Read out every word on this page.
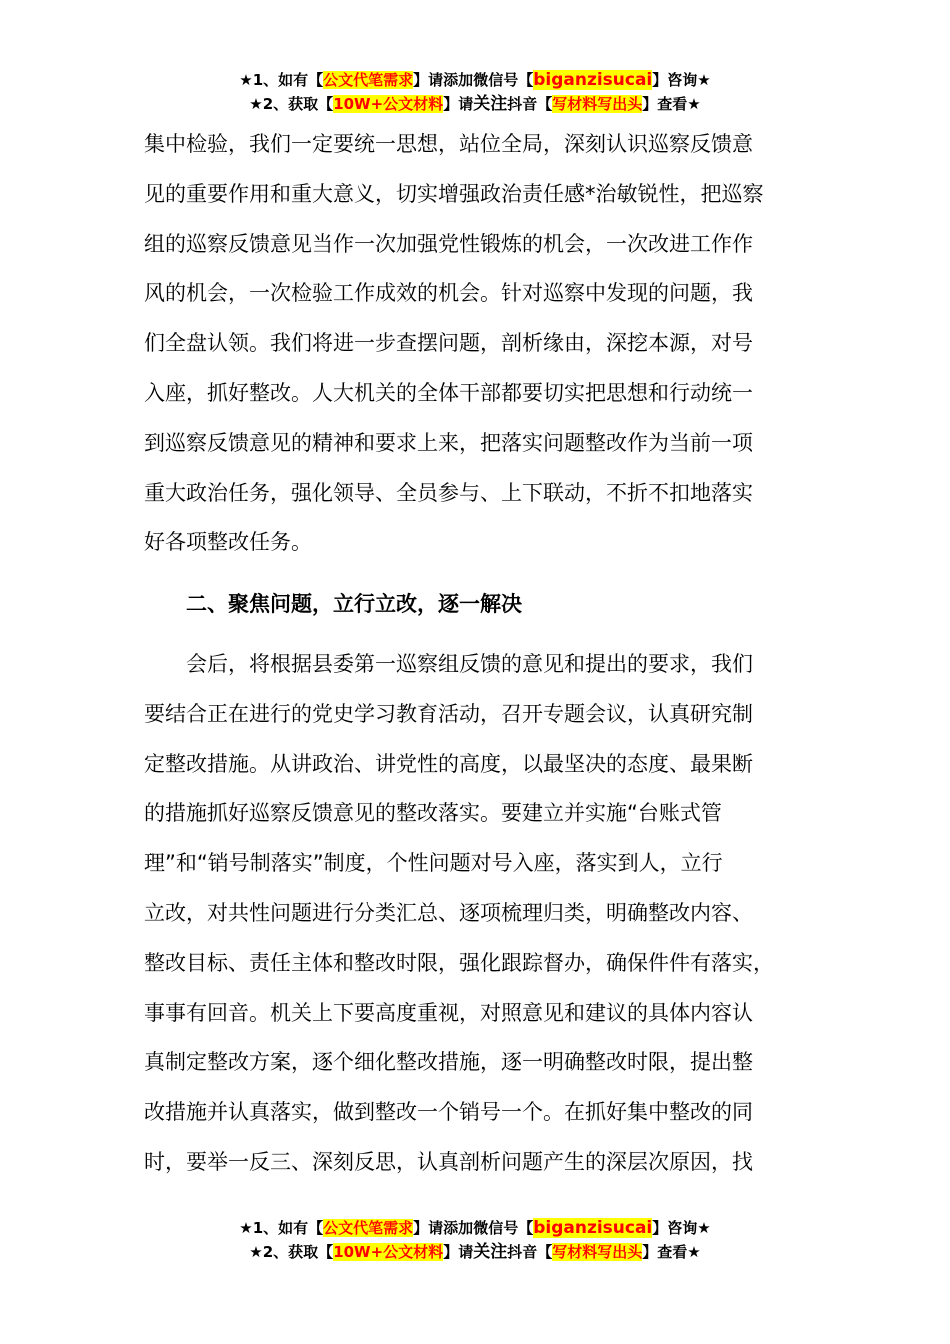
★1、如有【公文代笔需求】请添加微信号【biganzisucai】咨询★
★2、获取【10W+公文材料】请关注抖音【写材料写出头】查看★
集中检验，我们一定要统一思想，站位全局，深刻认识巡察反馈意
见的重要作用和重大意义，切实增强政治责任感*治敏锐性，把巡察
组的巡察反馈意见当作一次加强党性锻炼的机会，一次改进工作作
风的机会，一次检验工作成效的机会。针对巡察中发现的问题，我
们全盘认领。我们将进一步查摆问题，剖析缘由，深挖本源，对号
入座，抓好整改。人大机关的全体干部都要切实把思想和行动统一
到巡察反馈意见的精神和要求上来，把落实问题整改作为当前一项
重大政治任务，强化领导、全员参与、上下联动，不折不扣地落实
好各项整改任务。
二、聚焦问题，立行立改，逐一解决
会后，将根据县委第一巡察组反馈的意见和提出的要求，我们
要结合正在进行的党史学习教育活动，召开专题会议，认真研究制
定整改措施。从讲政治、讲党性的高度，以最坚决的态度、最果断
的措施抓好巡察反馈意见的整改落实。要建立并实施“台账式管
理”和“销号制落实”制度，个性问题对号入座，落实到人，立行
立改，对共性问题进行分类汇总、逐项梳理归类，明确整改内容、
整改目标、责任主体和整改时限，强化跟踪督办，确保件件有落实，
事事有回音。机关上下要高度重视，对照意见和建议的具体内容认
真制定整改方案，逐个细化整改措施，逐一明确整改时限，提出整
改措施并认真落实，做到整改一个销号一个。在抓好集中整改的同
时，要举一反三、深刻反思，认真剖析问题产生的深层次原因，找
★1、如有【公文代笔需求】请添加微信号【biganzisucai】咨询★
★2、获取【10W+公文材料】请关注抖音【写材料写出头】查看★
